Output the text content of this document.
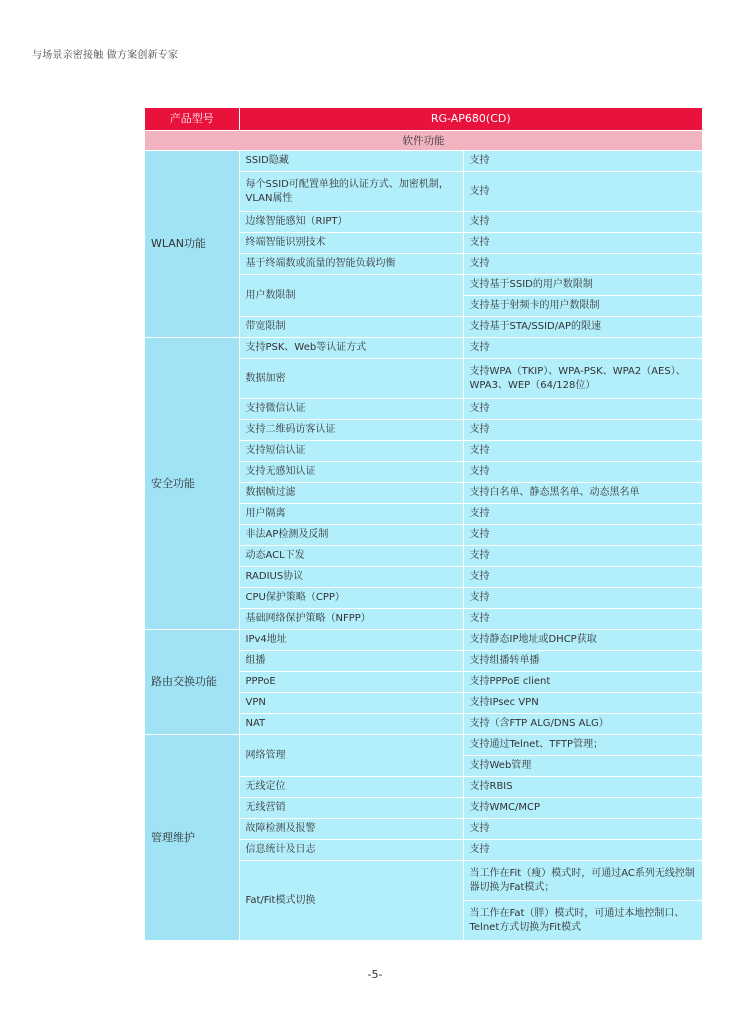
与场景亲密接触 做方案创新专家
产品型号	RG-AP680(CD)	
软件功能		
WLAN功能	SSID隐藏	支持
	每个SSID可配置单独的认证方式、加密机制，VLAN属性	支持
	边缘智能感知（RIPT）	支持
	终端智能识别技术	支持
	基于终端数或流量的智能负载均衡	支持
	用户数限制	支持基于SSID的用户数限制
		支持基于射频卡的用户数限制
	带宽限制	支持基于STA/SSID/AP的限速
安全功能	支持PSK、Web等认证方式	支持
	数据加密	支持WPA（TKIP）、WPA-PSK、WPA2（AES）、WPA3、WEP（64/128位）
	支持微信认证	支持
	支持二维码访客认证	支持
	支持短信认证	支持
	支持无感知认证	支持
	数据帧过滤	支持白名单、静态黑名单、动态黑名单
	用户隔离	支持
	非法AP检测及反制	支持
	动态ACL下发	支持
	RADIUS协议	支持
	CPU保护策略（CPP）	支持
	基础网络保护策略（NFPP）	支持
路由交换功能	IPv4地址	支持静态IP地址或DHCP获取
	组播	支持组播转单播
	PPPoE	支持PPPoE client
	VPN	支持IPsec VPN
	NAT	支持（含FTP ALG/DNS ALG）
管理维护	网络管理	支持通过Telnet、TFTP管理；
		支持Web管理
	无线定位	支持RBIS
	无线营销	支持WMC/MCP
	故障检测及报警	支持
	信息统计及日志	支持
	Fat/Fit模式切换	当工作在Fit（瘦）模式时，可通过AC系列无线控制器切换为Fat模式；
		当工作在Fat（胖）模式时，可通过本地控制口、Telnet方式切换为Fit模式
-5-
